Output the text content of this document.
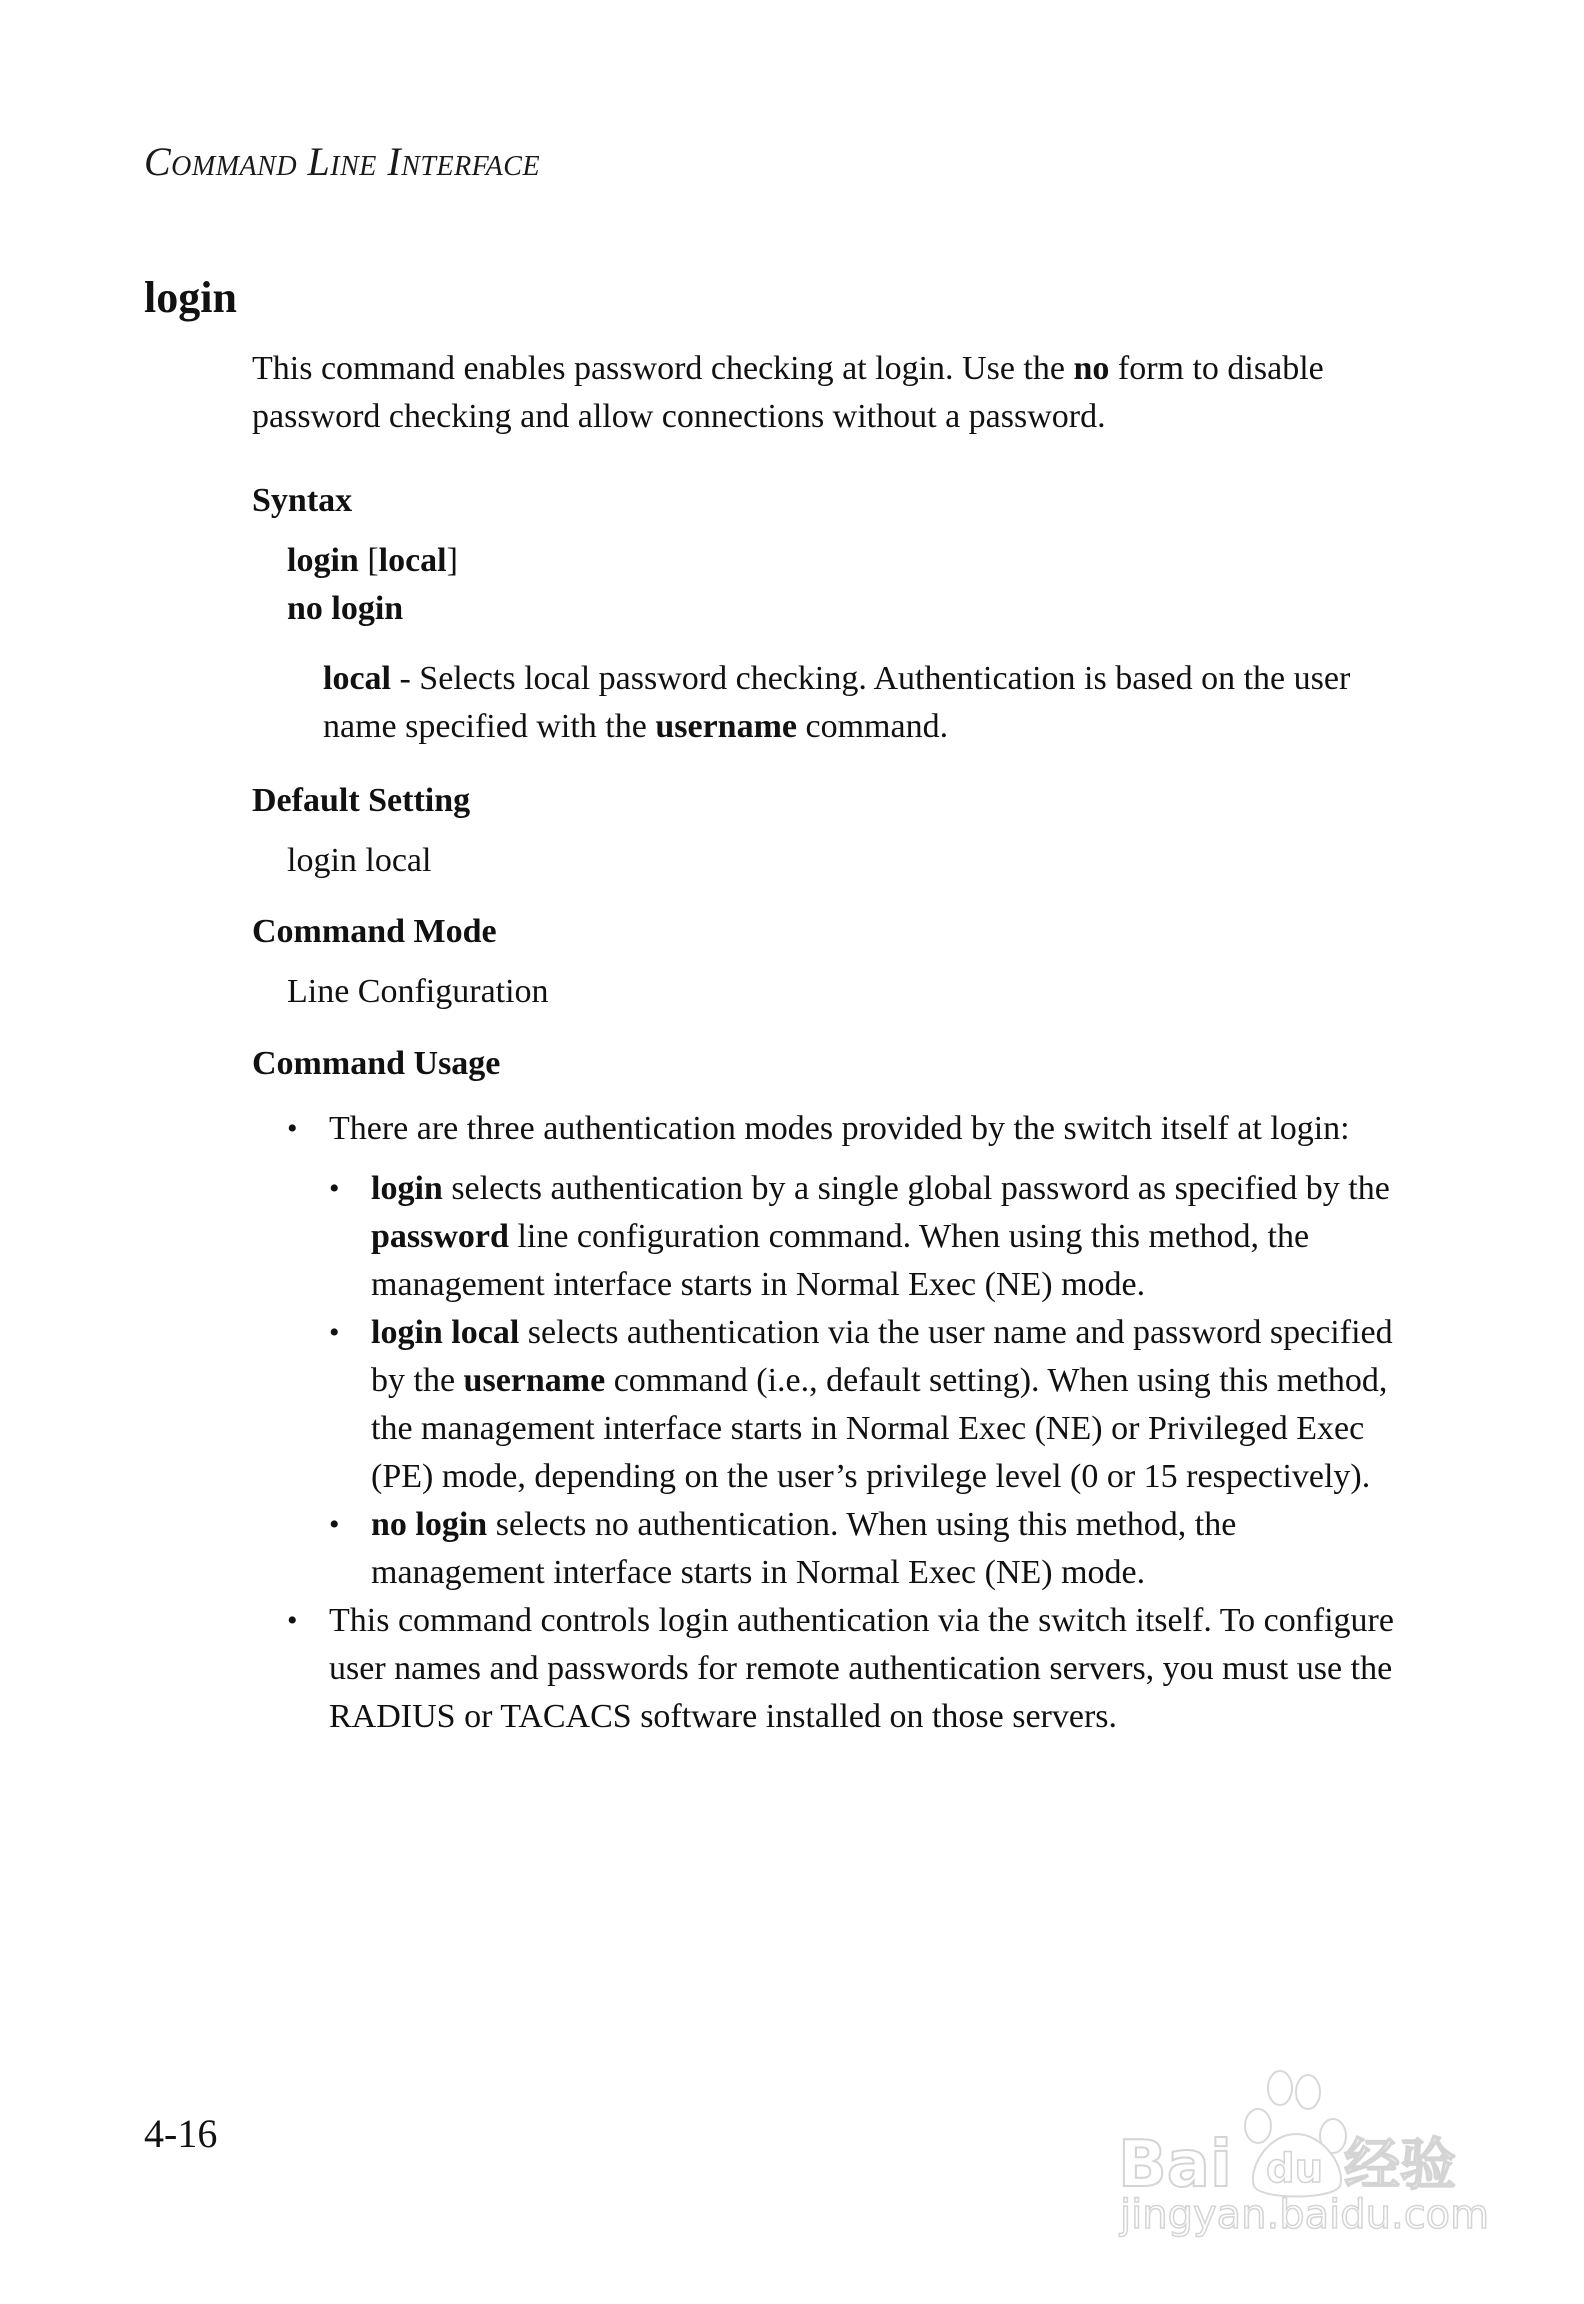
Command Line Interface
login

This command enables password checking at login. Use the no form to disable password checking and allow connections without a password.

Syntax
login [local]
no login

local - Selects local password checking. Authentication is based on the user name specified with the username command.

Default Setting
login local
Command Mode
Line Configuration
Command Usage
• There are three authentication modes provided by the switch itself at login:
• login selects authentication by a single global password as specified by the password line configuration command. When using this method, the management interface starts in Normal Exec (NE) mode.
• login local selects authentication via the user name and password specified by the username command (i.e., default setting). When using this method, the management interface starts in Normal Exec (NE) or Privileged Exec (PE) mode, depending on the user’s privilege level (0 or 15 respectively).
• no login selects no authentication. When using this method, the management interface starts in Normal Exec (NE) mode.
• This command controls login authentication via the switch itself. To configure user names and passwords for remote authentication servers, you must use the RADIUS or TACACS software installed on those servers.
4-16	Bai du 经验
jingyan.baidu.com
